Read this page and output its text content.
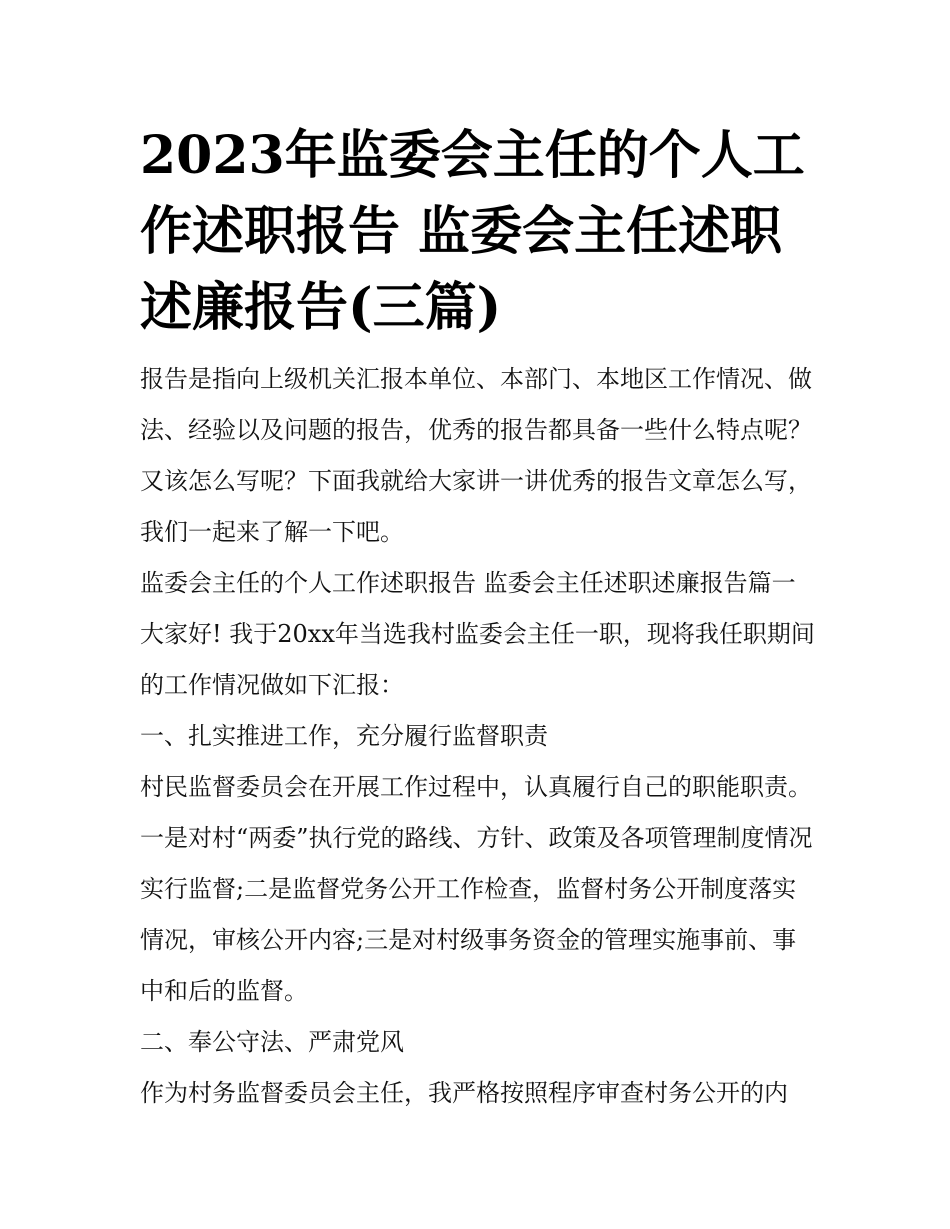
2023年监委会主任的个人工作述职报告 监委会主任述职述廉报告(三篇)

报告是指向上级机关汇报本单位、本部门、本地区工作情况、做法、经验以及问题的报告，优秀的报告都具备一些什么特点呢？又该怎么写呢？下面我就给大家讲一讲优秀的报告文章怎么写，我们一起来了解一下吧。

监委会主任的个人工作述职报告 监委会主任述职述廉报告篇一 大家好! 我于20xx年当选我村监委会主任一职，现将我任职期间的工作情况做如下汇报：

一、扎实推进工作，充分履行监督职责

村民监督委员会在开展工作过程中，认真履行自己的职能职责。一是对村“两委”执行党的路线、方针、政策及各项管理制度情况实行监督;二是监督党务公开工作检查，监督村务公开制度落实情况，审核公开内容;三是对村级事务资金的管理实施事前、事中和后的监督。

二、奉公守法、严肃党风

作为村务监督委员会主任，我严格按照程序审查村务公开的内
